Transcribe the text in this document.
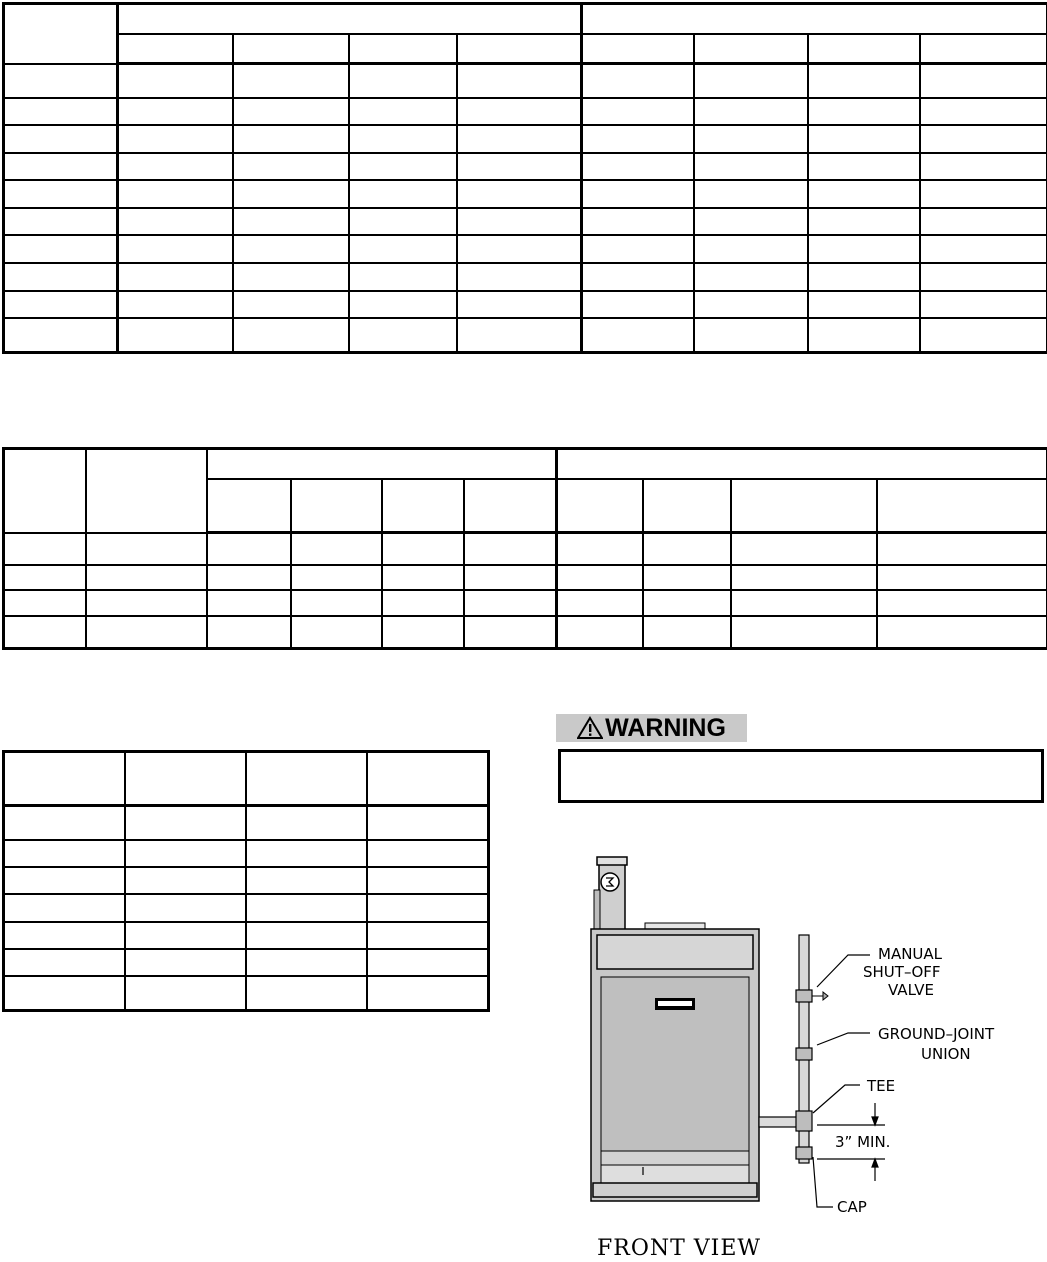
WARNING
MANUAL
SHUT–OFF
VALVE
GROUND–JOINT
UNION
TEE
3” MIN.
CAP
FRONT VIEW
